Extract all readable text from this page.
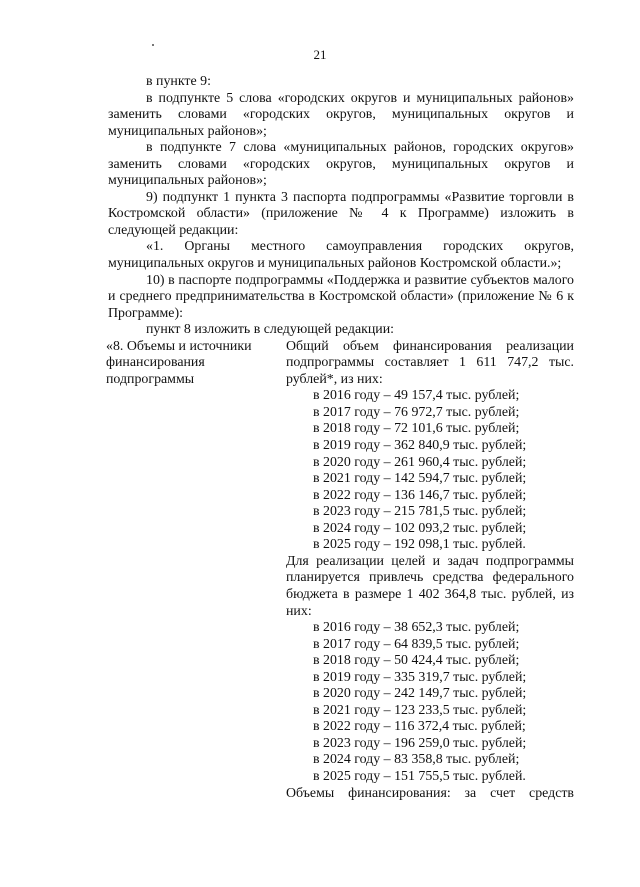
21

в пункте 9:

в подпункте 5 слова «городских округов и муниципальных районов» заменить словами «городских округов, муниципальных округов и муниципальных районов»;

в подпункте 7 слова «муниципальных районов, городских округов» заменить словами «городских округов, муниципальных округов и муниципальных районов»;

9) подпункт 1 пункта 3 паспорта подпрограммы «Развитие торговли в Костромской области» (приложение № 4 к Программе) изложить в следующей редакции:

«1. Органы местного самоуправления городских округов, муниципальных округов и муниципальных районов Костромской области.»;

10) в паспорте подпрограммы «Поддержка и развитие субъектов малого и среднего предпринимательства в Костромской области» (приложение № 6 к Программе):

пункт 8 изложить в следующей редакции:

«8. Объемы и источники финансирования подпрограммы

Общий объем финансирования реализации подпрограммы составляет 1 611 747,2 тыс. рублей*, из них:

в 2016 году – 49 157,4 тыс. рублей;

в 2017 году – 76 972,7 тыс. рублей;

в 2018 году – 72 101,6 тыс. рублей;

в 2019 году – 362 840,9 тыс. рублей;

в 2020 году – 261 960,4 тыс. рублей;

в 2021 году – 142 594,7 тыс. рублей;

в 2022 году – 136 146,7 тыс. рублей;

в 2023 году – 215 781,5 тыс. рублей;

в 2024 году – 102 093,2 тыс. рублей;

в 2025 году – 192 098,1 тыс. рублей.

Для реализации целей и задач подпрограммы планируется привлечь средства федерального бюджета в размере 1 402 364,8 тыс. рублей, из них:

в 2016 году – 38 652,3 тыс. рублей;

в 2017 году – 64 839,5 тыс. рублей;

в 2018 году – 50 424,4 тыс. рублей;

в 2019 году – 335 319,7 тыс. рублей;

в 2020 году – 242 149,7 тыс. рублей;

в 2021 году – 123 233,5 тыс. рублей;

в 2022 году – 116 372,4 тыс. рублей;

в 2023 году – 196 259,0 тыс. рублей;

в 2024 году – 83 358,8 тыс. рублей;

в 2025 году – 151 755,5 тыс. рублей.

Объемы финансирования: за счет средств
